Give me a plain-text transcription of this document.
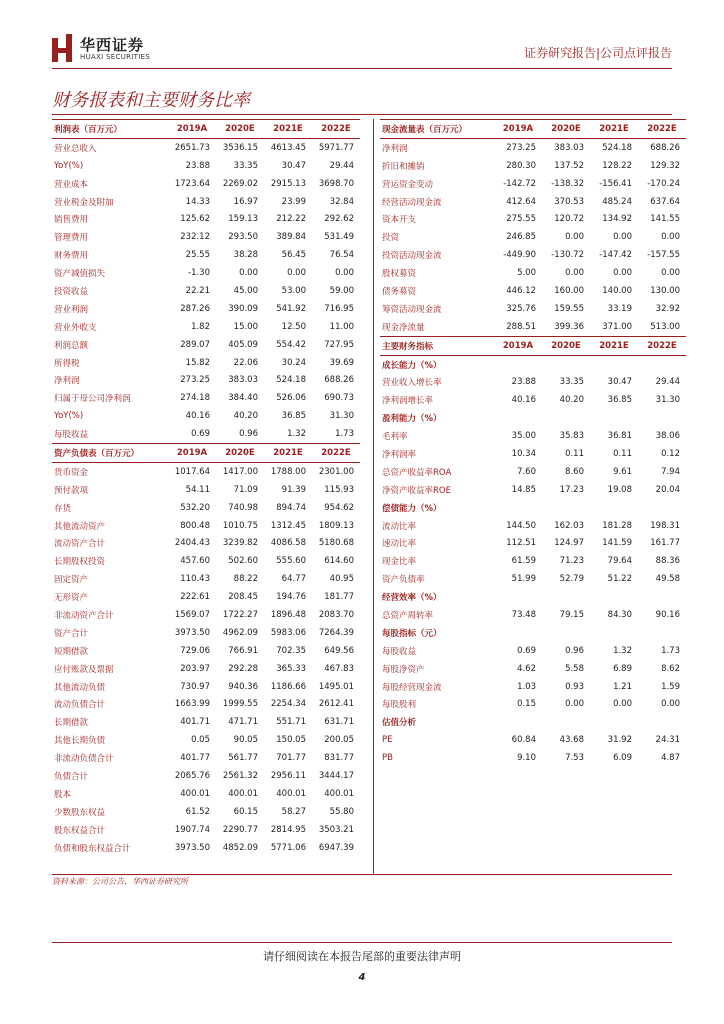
华西证券
HUAXI SECURITIES	证券研究报告|公司点评报告
财务报表和主要财务比率
利润表（百万元）	2019A	2020E	2021E	2022E
营业总收入	2651.73	3536.15	4613.45	5971.77
YoY(%)	23.88	33.35	30.47	29.44
营业成本	1723.64	2269.02	2915.13	3698.70
营业税金及附加	14.33	16.97	23.99	32.84
销售费用	125.62	159.13	212.22	292.62
管理费用	232.12	293.50	389.84	531.49
财务费用	25.55	38.28	56.45	76.54
资产减值损失	-1.30	0.00	0.00	0.00
投资收益	22.21	45.00	53.00	59.00
营业利润	287.26	390.09	541.92	716.95
营业外收支	1.82	15.00	12.50	11.00
利润总额	289.07	405.09	554.42	727.95
所得税	15.82	22.06	30.24	39.69
净利润	273.25	383.03	524.18	688.26
归属于母公司净利润	274.18	384.40	526.06	690.73
YoY(%)	40.16	40.20	36.85	31.30
每股收益	0.69	0.96	1.32	1.73
资产负债表（百万元）	2019A	2020E	2021E	2022E
货币资金	1017.64	1417.00	1788.00	2301.00
预付款项	54.11	71.09	91.39	115.93
存货	532.20	740.98	894.74	954.62
其他流动资产	800.48	1010.75	1312.45	1809.13
流动资产合计	2404.43	3239.82	4086.58	5180.68
长期股权投资	457.60	502.60	555.60	614.60
固定资产	110.43	88.22	64.77	40.95
无形资产	222.61	208.45	194.76	181.77
非流动资产合计	1569.07	1722.27	1896.48	2083.70
资产合计	3973.50	4962.09	5983.06	7264.39
短期借款	729.06	766.91	702.35	649.56
应付账款及票据	203.97	292.28	365.33	467.83
其他流动负债	730.97	940.36	1186.66	1495.01
流动负债合计	1663.99	1999.55	2254.34	2612.41
长期借款	401.71	471.71	551.71	631.71
其他长期负债	0.05	90.05	150.05	200.05
非流动负债合计	401.77	561.77	701.77	831.77
负债合计	2065.76	2561.32	2956.11	3444.17
股本	400.01	400.01	400.01	400.01
少数股东权益	61.52	60.15	58.27	55.80
股东权益合计	1907.74	2290.77	2814.95	3503.21
负债和股东权益合计	3973.50	4852.09	5771.06	6947.39
现金流量表（百万元）	2019A	2020E	2021E	2022E
净利润	273.25	383.03	524.18	688.26
折旧和摊销	280.30	137.52	128.22	129.32
营运资金变动	-142.72	-138.32	-156.41	-170.24
经营活动现金流	412.64	370.53	485.24	637.64
资本开支	275.55	120.72	134.92	141.55
投资	246.85	0.00	0.00	0.00
投资活动现金流	-449.90	-130.72	-147.42	-157.55
股权募资	5.00	0.00	0.00	0.00
债务募资	446.12	160.00	140.00	130.00
筹资活动现金流	325.76	159.55	33.19	32.92
现金净流量	288.51	399.36	371.00	513.00
主要财务指标	2019A	2020E	2021E	2022E
成长能力（%）				
营业收入增长率	23.88	33.35	30.47	29.44
净利润增长率	40.16	40.20	36.85	31.30
盈利能力（%）				
毛利率	35.00	35.83	36.81	38.06
净利润率	10.34	0.11	0.11	0.12
总资产收益率ROA	7.60	8.60	9.61	7.94
净资产收益率ROE	14.85	17.23	19.08	20.04
偿债能力（%）				
流动比率	144.50	162.03	181.28	198.31
速动比率	112.51	124.97	141.59	161.77
现金比率	61.59	71.23	79.64	88.36
资产负债率	51.99	52.79	51.22	49.58
经营效率（%）				
总资产周转率	73.48	79.15	84.30	90.16
每股指标（元）				
每股收益	0.69	0.96	1.32	1.73
每股净资产	4.62	5.58	6.89	8.62
每股经营现金流	1.03	0.93	1.21	1.59
每股股利	0.15	0.00	0.00	0.00
估值分析				
PE	60.84	43.68	31.92	24.31
PB	9.10	7.53	6.09	4.87
资料来源：公司公告，华西证券研究所
请仔细阅读在本报告尾部的重要法律声明
4
